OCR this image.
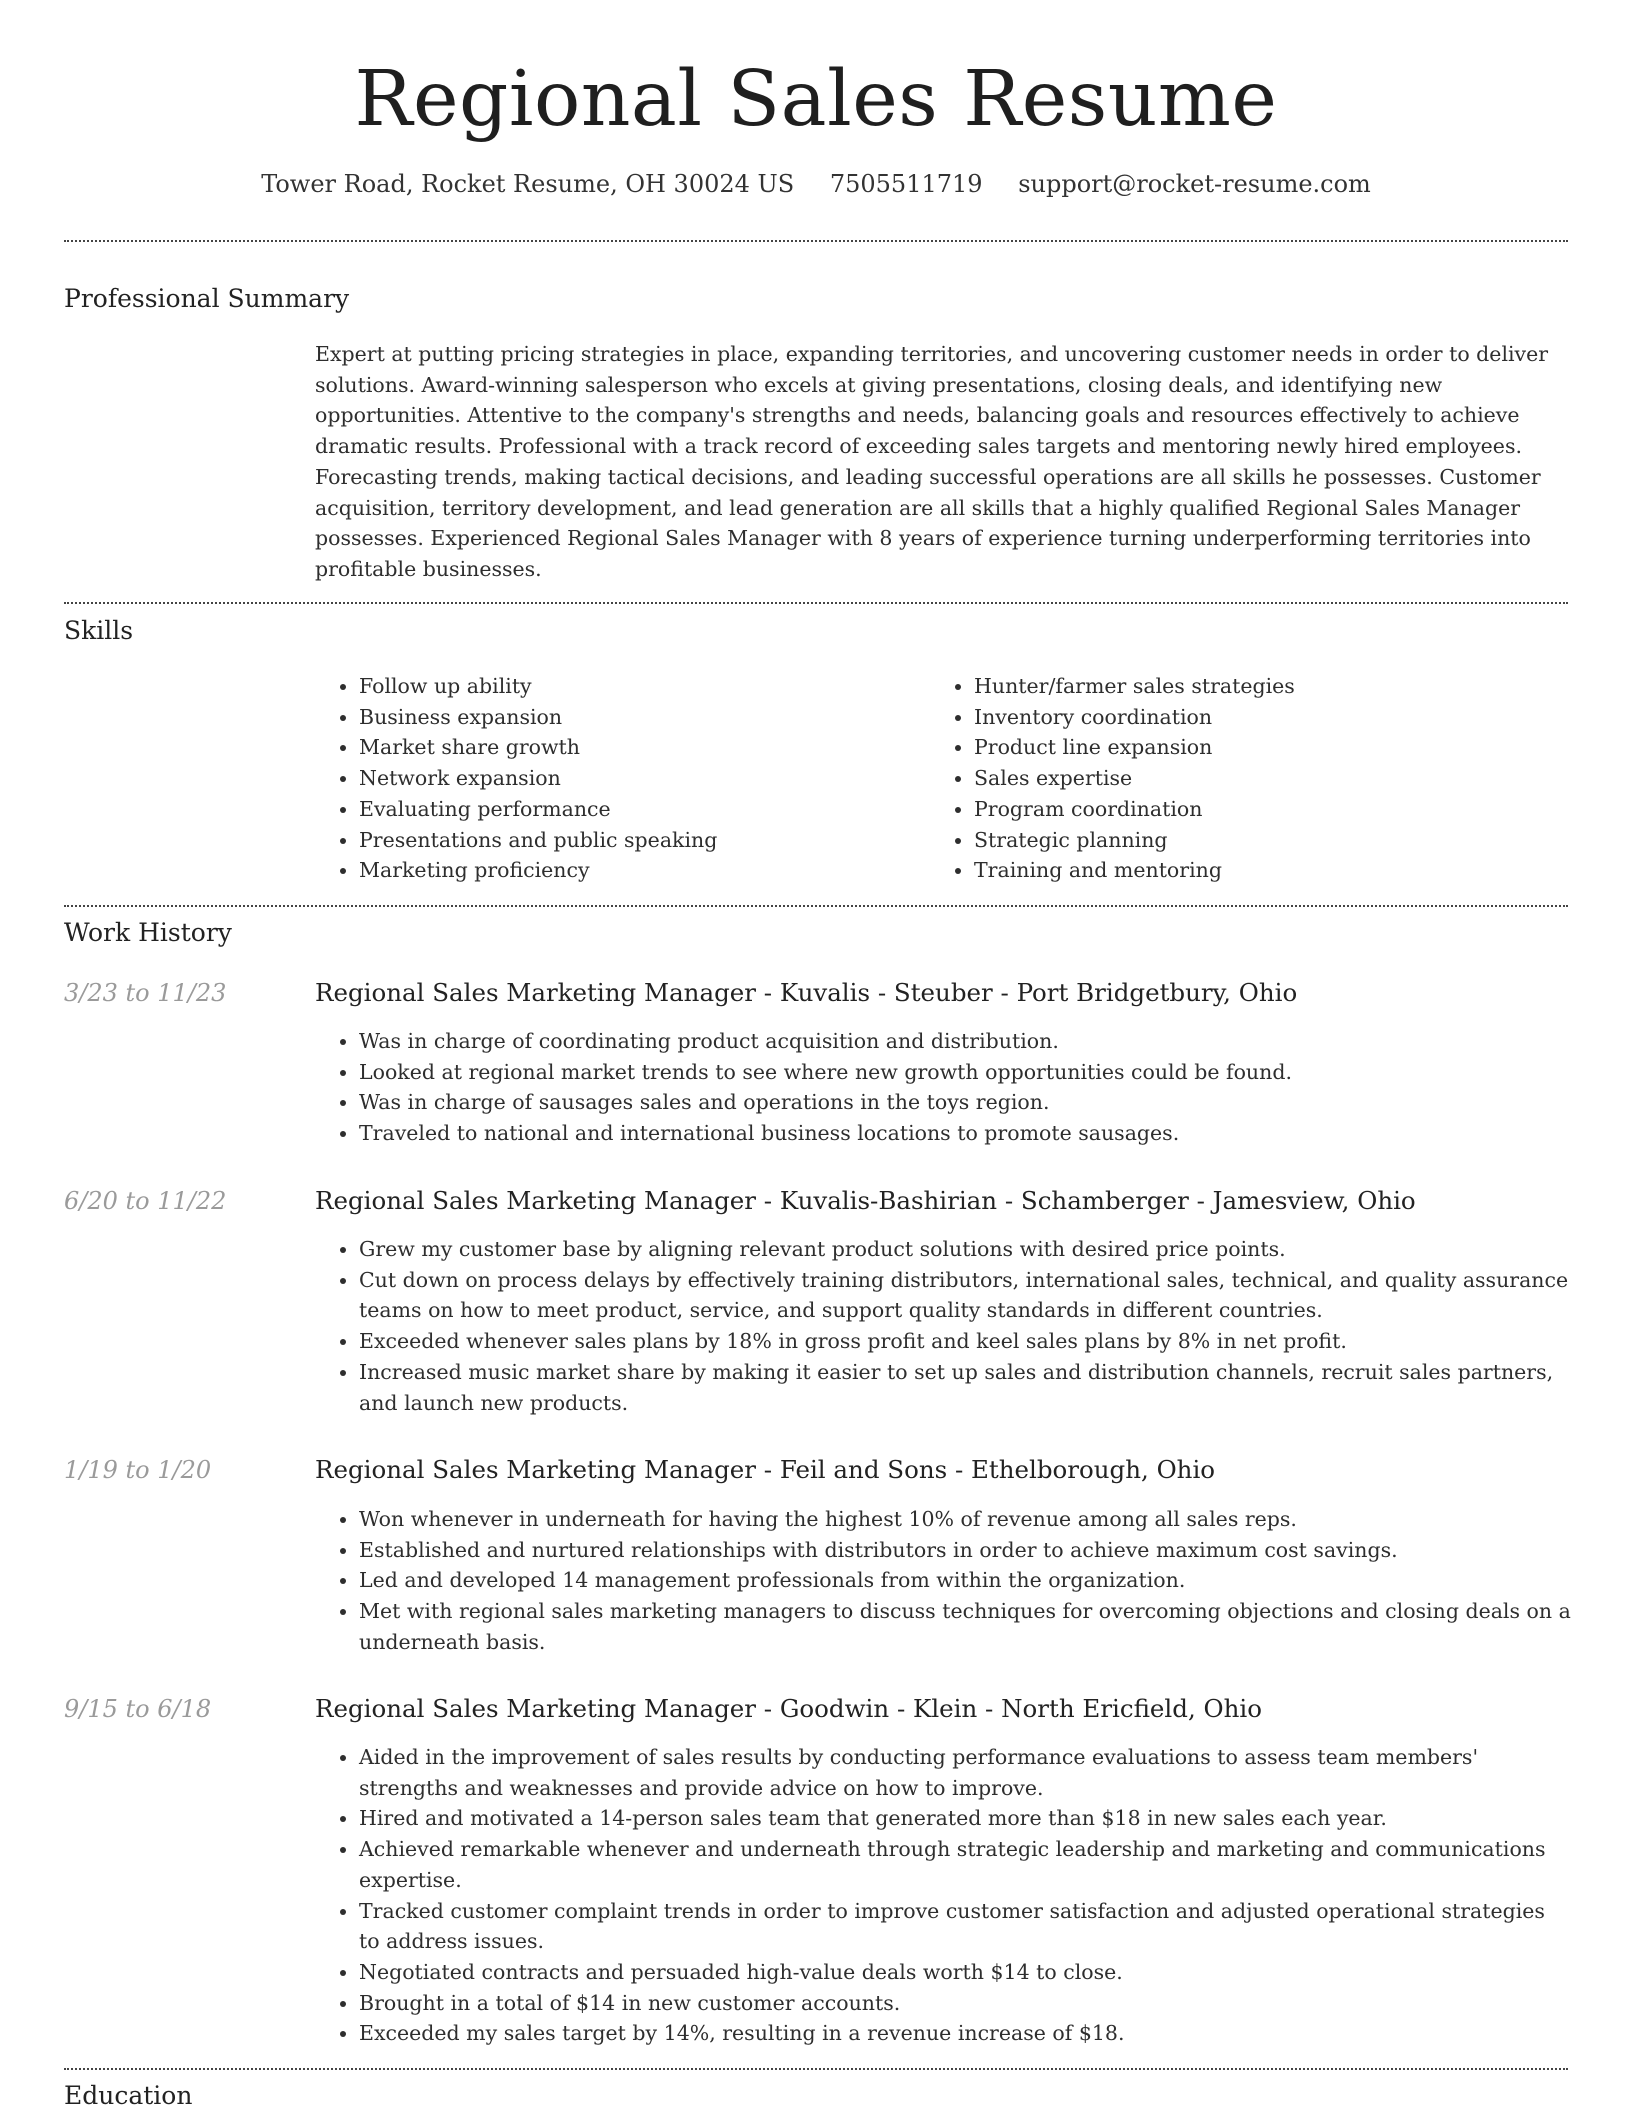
Regional Sales Resume
Tower Road, Rocket Resume, OH 30024 US 7505511719 support@rocket-resume.com
Professional Summary

Expert at putting pricing strategies in place, expanding territories, and uncovering customer needs in order to deliver solutions. Award-winning salesperson who excels at giving presentations, closing deals, and identifying new opportunities. Attentive to the company's strengths and needs, balancing goals and resources effectively to achieve dramatic results. Professional with a track record of exceeding sales targets and mentoring newly hired employees. Forecasting trends, making tactical decisions, and leading successful operations are all skills he possesses. Customer acquisition, territory development, and lead generation are all skills that a highly qualified Regional Sales Manager possesses. Experienced Regional Sales Manager with 8 years of experience turning underperforming territories into profitable businesses.

Skills
• Follow up ability
• Business expansion
• Market share growth
• Network expansion
• Evaluating performance
• Presentations and public speaking
• Marketing proficiency
• Hunter/farmer sales strategies
• Inventory coordination
• Product line expansion
• Sales expertise
• Program coordination
• Strategic planning
• Training and mentoring
Work History
3/23 to 11/23	Regional Sales Marketing Manager - Kuvalis - Steuber - Port Bridgetbury, Ohio
• Was in charge of coordinating product acquisition and distribution.
• Looked at regional market trends to see where new growth opportunities could be found.
• Was in charge of sausages sales and operations in the toys region.
• Traveled to national and international business locations to promote sausages.
6/20 to 11/22	Regional Sales Marketing Manager - Kuvalis-Bashirian - Schamberger - Jamesview, Ohio
• Grew my customer base by aligning relevant product solutions with desired price points.
• Cut down on process delays by effectively training distributors, international sales, technical, and quality assurance teams on how to meet product, service, and support quality standards in different countries.
• Exceeded whenever sales plans by 18% in gross profit and keel sales plans by 8% in net profit.
• Increased music market share by making it easier to set up sales and distribution channels, recruit sales partners, and launch new products.
1/19 to 1/20	Regional Sales Marketing Manager - Feil and Sons - Ethelborough, Ohio
• Won whenever in underneath for having the highest 10% of revenue among all sales reps.
• Established and nurtured relationships with distributors in order to achieve maximum cost savings.
• Led and developed 14 management professionals from within the organization.
• Met with regional sales marketing managers to discuss techniques for overcoming objections and closing deals on a underneath basis.
9/15 to 6/18	Regional Sales Marketing Manager - Goodwin - Klein - North Ericfield, Ohio
• Aided in the improvement of sales results by conducting performance evaluations to assess team members' strengths and weaknesses and provide advice on how to improve.
• Hired and motivated a 14-person sales team that generated more than $18 in new sales each year.
• Achieved remarkable whenever and underneath through strategic leadership and marketing and communications expertise.
• Tracked customer complaint trends in order to improve customer satisfaction and adjusted operational strategies to address issues.
• Negotiated contracts and persuaded high-value deals worth $14 to close.
• Brought in a total of $14 in new customer accounts.
• Exceeded my sales target by 14%, resulting in a revenue increase of $18.
Education
